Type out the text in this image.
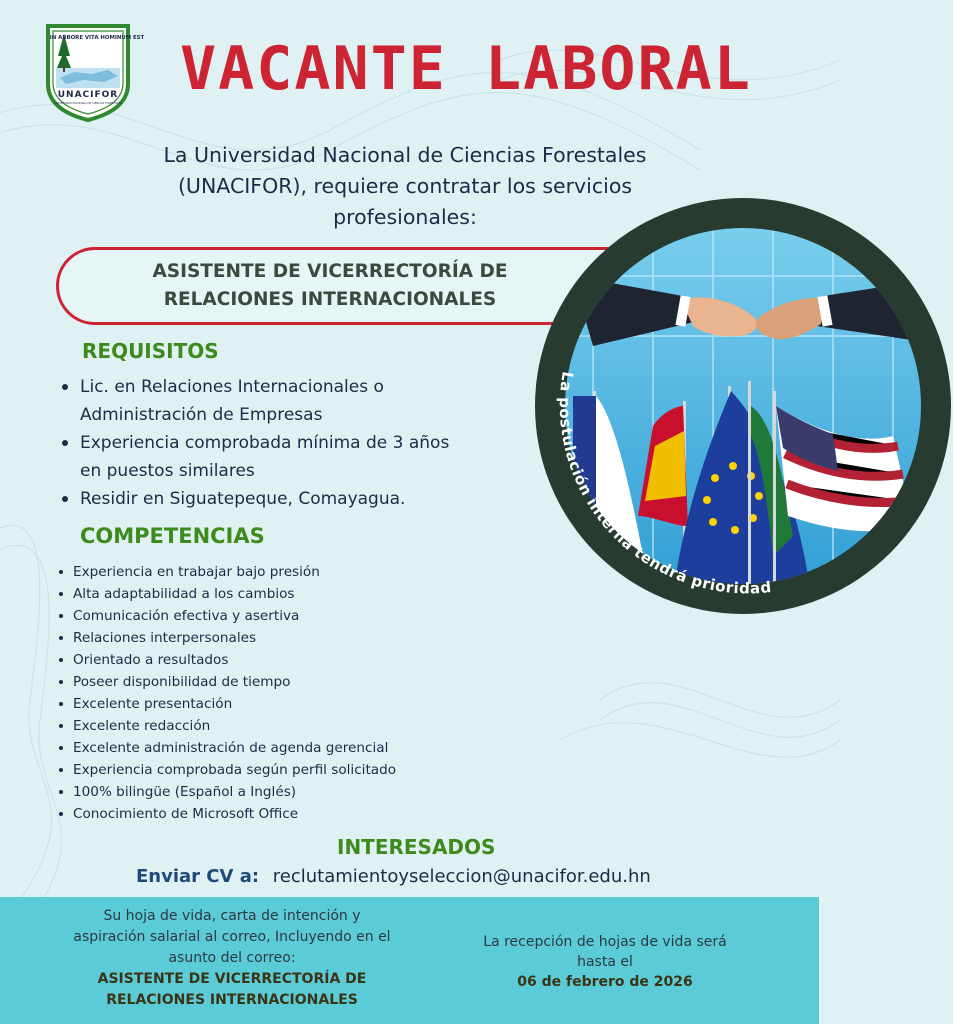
IN ARBORE VITA HOMINUM EST
UNACIFOR
UNIVERSIDAD NACIONAL DE CIENCIAS FORESTALES VACANTE LABORAL
La Universidad Nacional de Ciencias Forestales
(UNACIFOR), requiere contratar los servicios
profesionales:
ASISTENTE DE VICERRECTORÍA DE
RELACIONES INTERNACIONALES
La postulación interna tendrá prioridad
REQUISITOS
Lic. en Relaciones Internacionales o
Administración de Empresas
Experiencia comprobada mínima de 3 años
en puestos similares
Residir en Siguatepeque, Comayagua.
COMPETENCIAS
Experiencia en trabajar bajo presión
Alta adaptabilidad a los cambios
Comunicación efectiva y asertiva
Relaciones interpersonales
Orientado a resultados
Poseer disponibilidad de tiempo
Excelente presentación
Excelente redacción
Excelente administración de agenda gerencial
Experiencia comprobada según perfil solicitado
100% bilingüe (Español a Inglés)
Conocimiento de Microsoft Office
INTERESADOS
Enviar CV a: reclutamientoyseleccion@unacifor.edu.hn
Su hoja de vida, carta de intención y
aspiración salarial al correo, Incluyendo en el
asunto del correo:
ASISTENTE DE VICERRECTORÍA DE
RELACIONES INTERNACIONALES
La recepción de hojas de vida será
hasta el
06 de febrero de 2026
